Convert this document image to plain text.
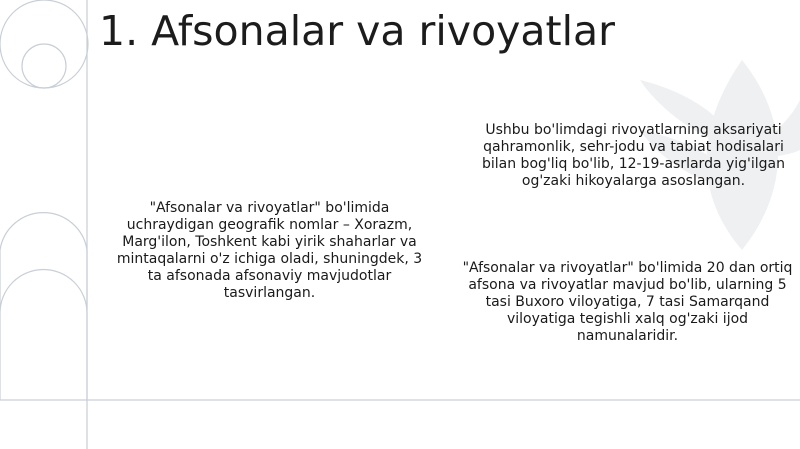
1. Afsonalar va rivoyatlar

"Afsonalar va rivoyatlar" bo'limida uchraydigan geografik nomlar – Xorazm, Marg'ilon, Toshkent kabi yirik shaharlar va mintaqalarni o'z ichiga oladi, shuningdek, 3 ta afsonada afsonaviy mavjudotlar tasvirlangan.

Ushbu bo'limdagi rivoyatlarning aksariyati qahramonlik, sehr-jodu va tabiat hodisalari bilan bog'liq bo'lib, 12-19-asrlarda yig'ilgan og'zaki hikoyalarga asoslangan.

"Afsonalar va rivoyatlar" bo'limida 20 dan ortiq afsona va rivoyatlar mavjud bo'lib, ularning 5 tasi Buxoro viloyatiga, 7 tasi Samarqand viloyatiga tegishli xalq og'zaki ijod namunalaridir.
